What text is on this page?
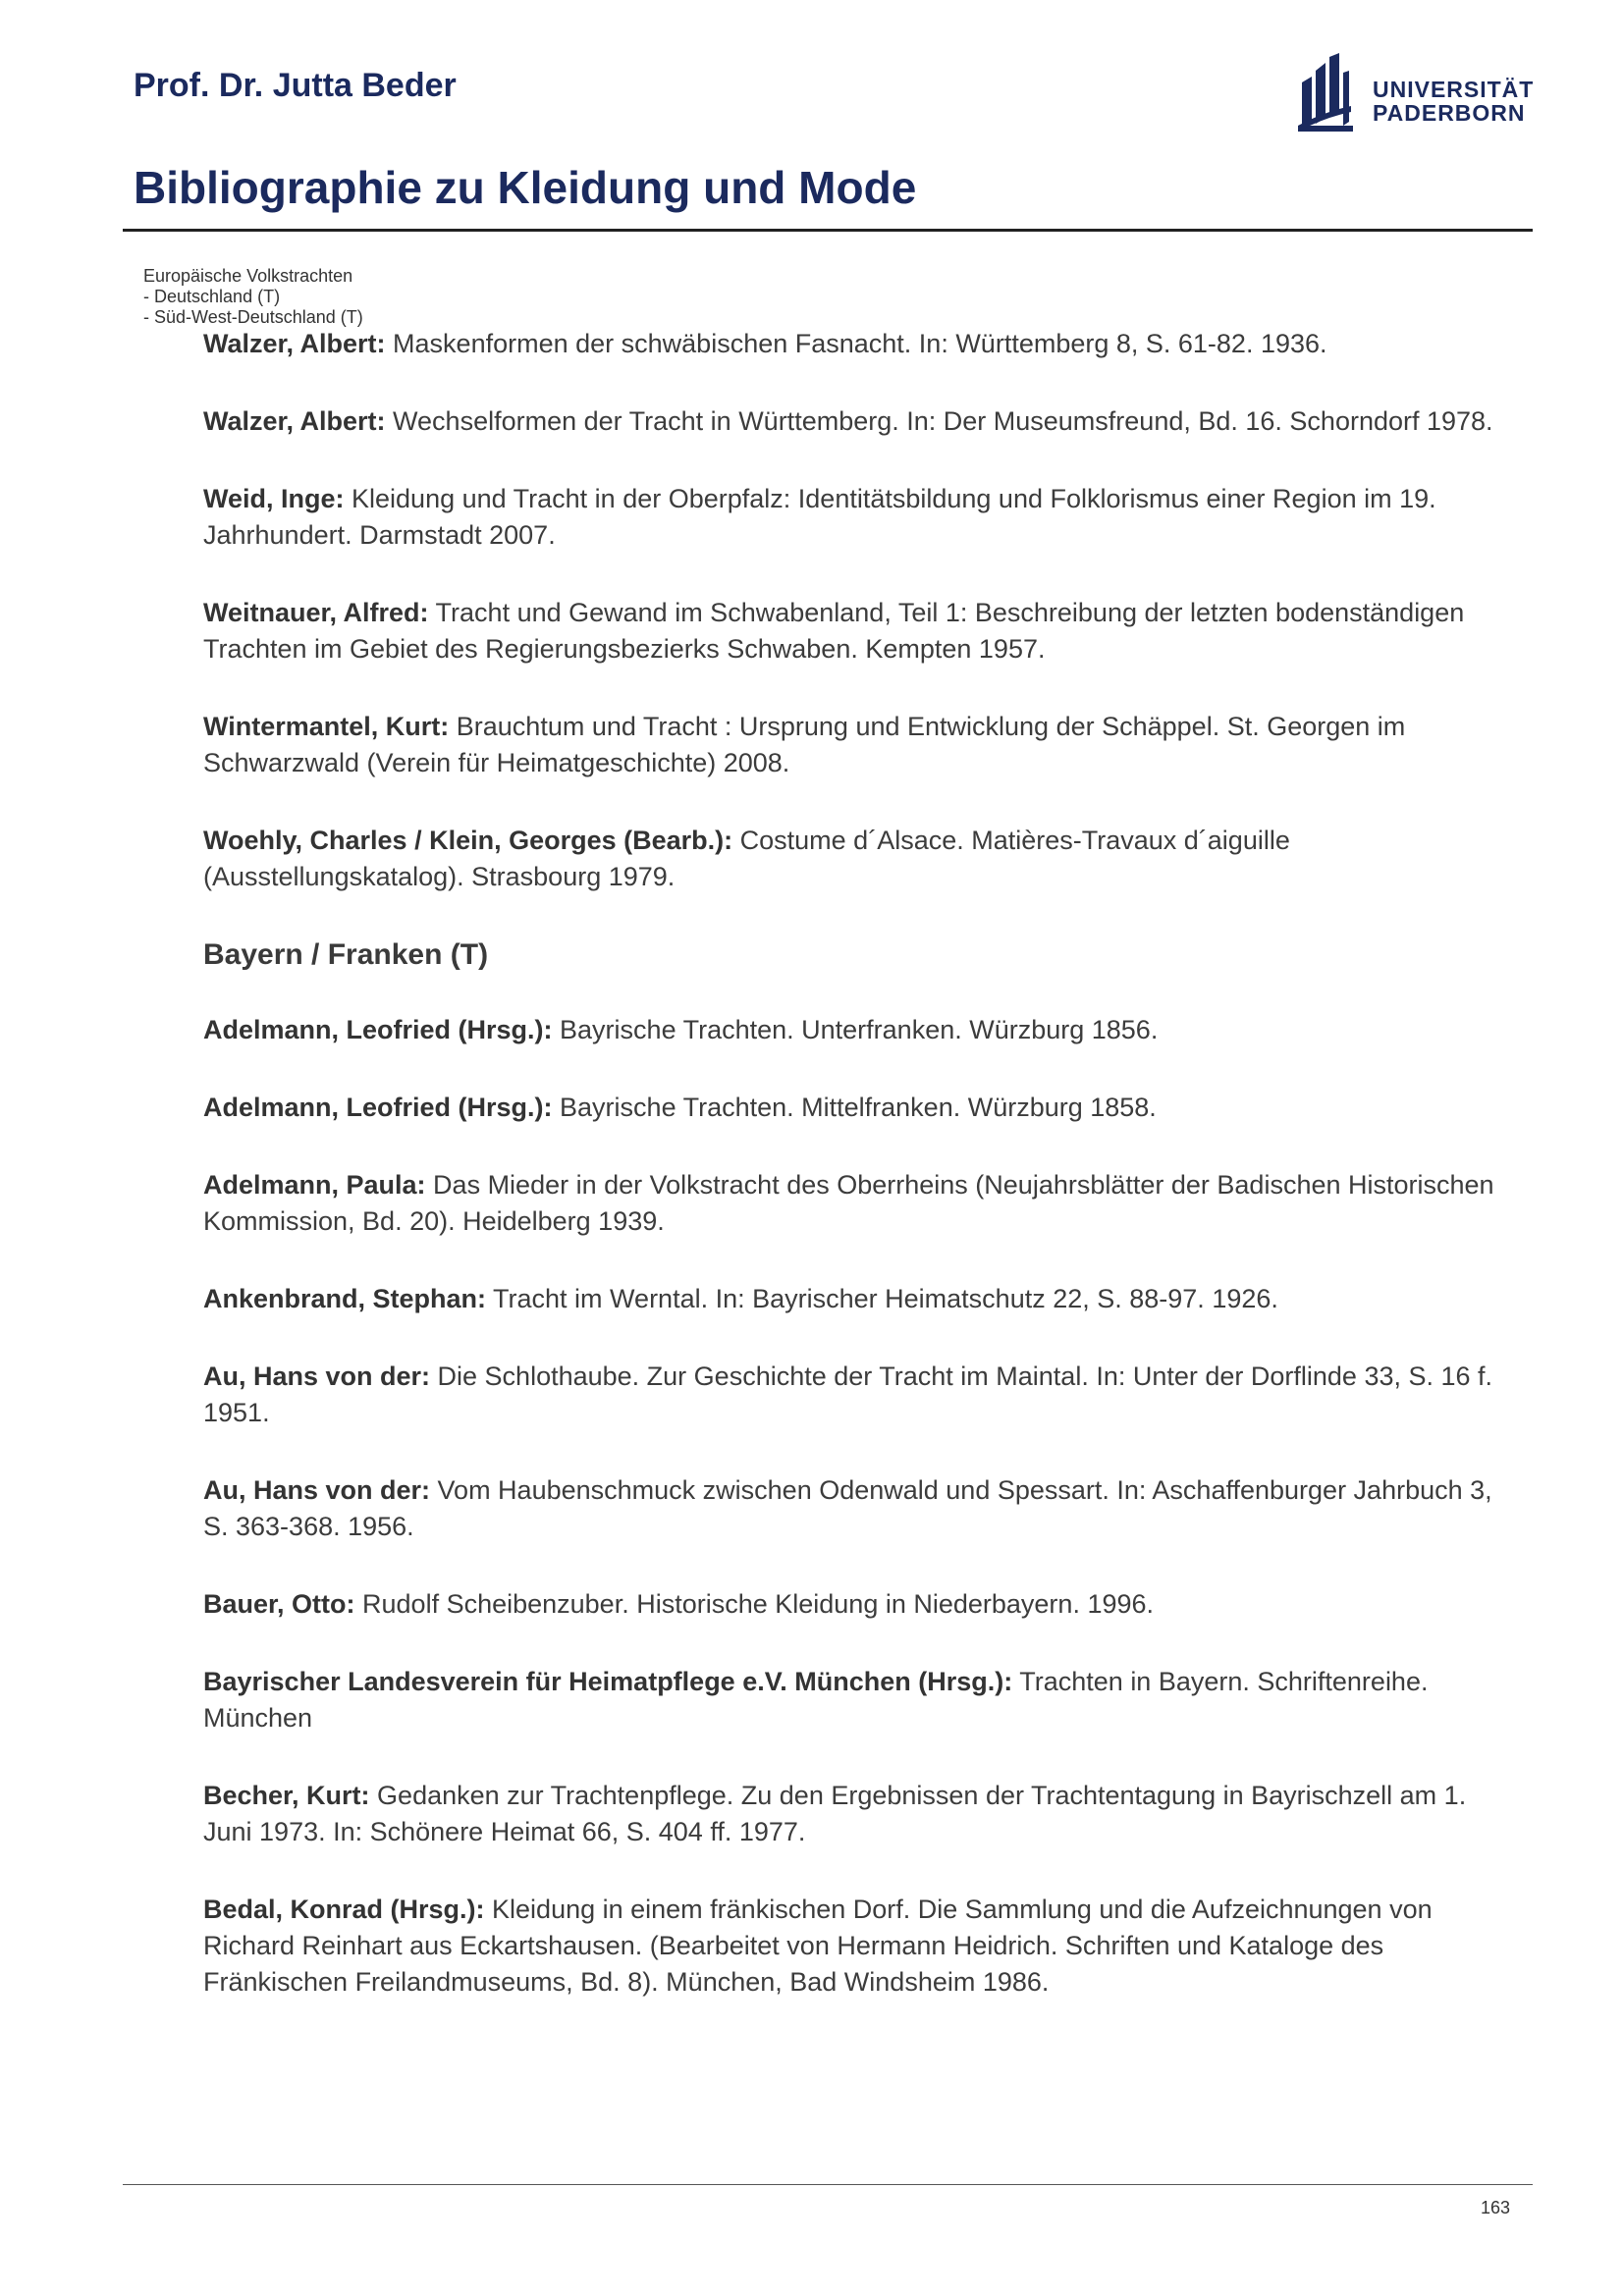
Prof. Dr. Jutta Beder	UNIVERSITÄT
PADERBORN
Bibliographie zu Kleidung und Mode

Europäische Volkstrachten
- Deutschland (T)
- Süd-West-Deutschland (T)

Walzer, Albert: Maskenformen der schwäbischen Fasnacht. In: Württemberg 8, S. 61-82. 1936.

Walzer, Albert: Wechselformen der Tracht in Württemberg. In: Der Museumsfreund, Bd. 16. Schorndorf 1978.

Weid, Inge: Kleidung und Tracht in der Oberpfalz: Identitätsbildung und Folklorismus einer Region im 19. Jahrhundert. Darmstadt 2007.

Weitnauer, Alfred: Tracht und Gewand im Schwabenland, Teil 1: Beschreibung der letzten bodenständigen Trachten im Gebiet des Regierungsbezierks Schwaben. Kempten 1957.

Wintermantel, Kurt: Brauchtum und Tracht : Ursprung und Entwicklung der Schäppel. St. Georgen im Schwarzwald (Verein für Heimatgeschichte) 2008.

Woehly, Charles / Klein, Georges (Bearb.): Costume d´Alsace. Matières-Travaux d´aiguille (Ausstellungskatalog). Strasbourg 1979.

Bayern / Franken (T)

Adelmann, Leofried (Hrsg.): Bayrische Trachten. Unterfranken. Würzburg 1856.

Adelmann, Leofried (Hrsg.): Bayrische Trachten. Mittelfranken. Würzburg 1858.

Adelmann, Paula: Das Mieder in der Volkstracht des Oberrheins (Neujahrsblätter der Badischen Historischen Kommission, Bd. 20). Heidelberg 1939.

Ankenbrand, Stephan: Tracht im Werntal. In: Bayrischer Heimatschutz 22, S. 88-97. 1926.

Au, Hans von der: Die Schlothaube. Zur Geschichte der Tracht im Maintal. In: Unter der Dorflinde 33, S. 16 f. 1951.

Au, Hans von der: Vom Haubenschmuck zwischen Odenwald und Spessart. In: Aschaffenburger Jahrbuch 3, S. 363-368. 1956.

Bauer, Otto: Rudolf Scheibenzuber. Historische Kleidung in Niederbayern. 1996.

Bayrischer Landesverein für Heimatpflege e.V. München (Hrsg.): Trachten in Bayern. Schriftenreihe. München

Becher, Kurt: Gedanken zur Trachtenpflege. Zu den Ergebnissen der Trachtentagung in Bayrischzell am 1. Juni 1973. In: Schönere Heimat 66, S. 404 ff. 1977.

Bedal, Konrad (Hrsg.): Kleidung in einem fränkischen Dorf. Die Sammlung und die Aufzeichnungen von Richard Reinhart aus Eckartshausen. (Bearbeitet von Hermann Heidrich. Schriften und Kataloge des Fränkischen Freilandmuseums, Bd. 8). München, Bad Windsheim 1986.

163
